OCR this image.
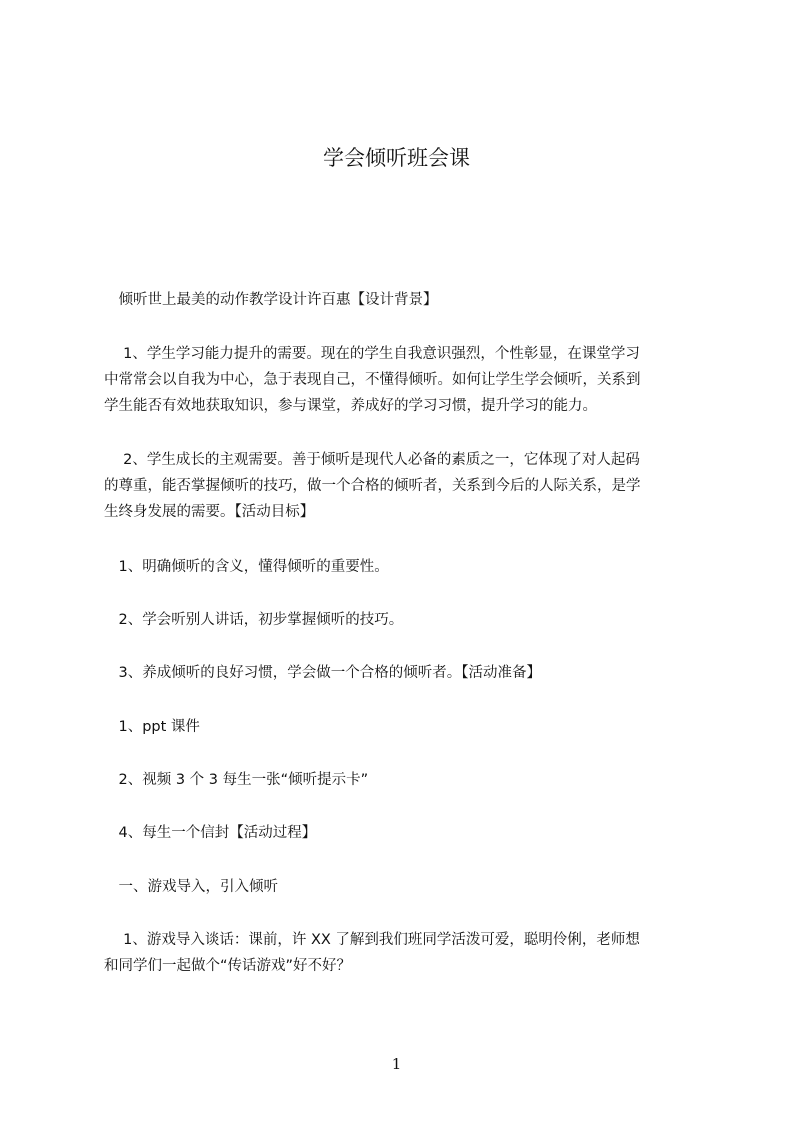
学会倾听班会课
　倾听世上最美的动作教学设计许百惠【设计背景】
　 1、学生学习能力提升的需要。现在的学生自我意识强烈，个性彰显，在课堂学习
中常常会以自我为中心，急于表现自己，不懂得倾听。如何让学生学会倾听，关系到
学生能否有效地获取知识，参与课堂，养成好的学习习惯，提升学习的能力。
　 2、学生成长的主观需要。善于倾听是现代人必备的素质之一，它体现了对人起码
的尊重，能否掌握倾听的技巧，做一个合格的倾听者，关系到今后的人际关系，是学
生终身发展的需要。【活动目标】
　1、明确倾听的含义，懂得倾听的重要性。
　2、学会听别人讲话，初步掌握倾听的技巧。
　3、养成倾听的良好习惯，学会做一个合格的倾听者。【活动准备】
　1、ppt 课件
　2、视频 3 个 3 每生一张“倾听提示卡”
　4、每生一个信封【活动过程】
　一、游戏导入，引入倾听
　 1、游戏导入谈话：课前，许 XX 了解到我们班同学活泼可爱，聪明伶俐，老师想
和同学们一起做个“传话游戏”好不好？
1
